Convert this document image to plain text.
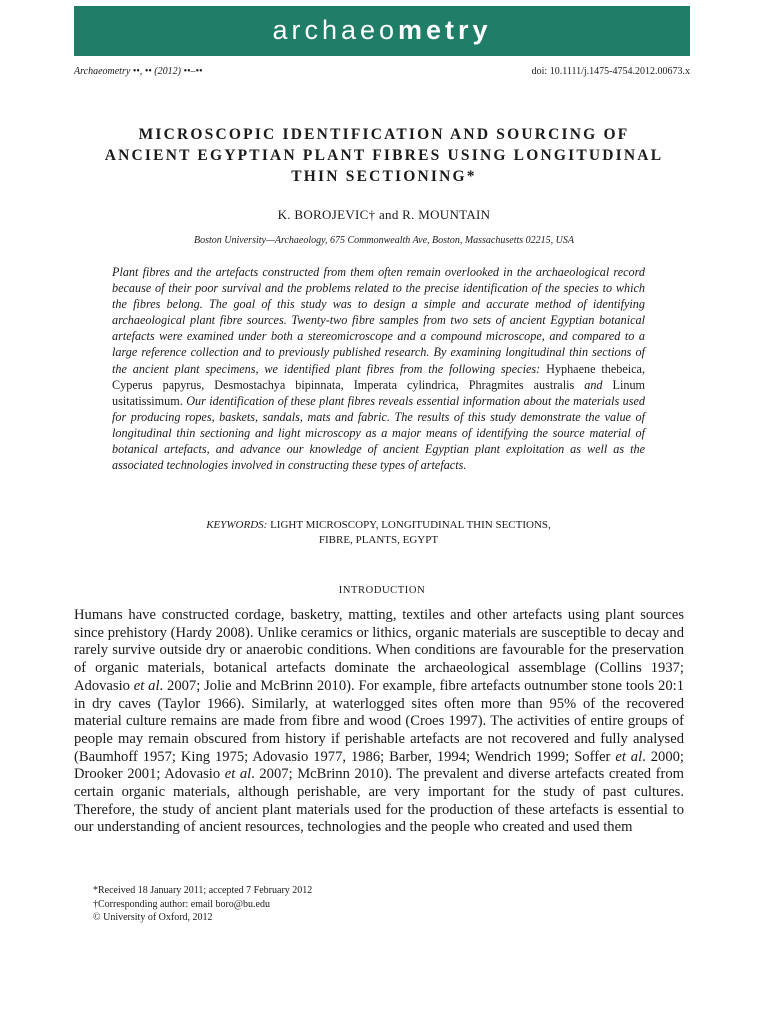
archaeometry
Archaeometry ••, •• (2012) ••–••	doi: 10.1111/j.1475-4754.2012.00673.x
MICROSCOPIC IDENTIFICATION AND SOURCING OF
ANCIENT EGYPTIAN PLANT FIBRES USING LONGITUDINAL
THIN SECTIONING*
K. BOROJEVIC† and R. MOUNTAIN
Boston University—Archaeology, 675 Commonwealth Ave, Boston, Massachusetts 02215, USA

Plant fibres and the artefacts constructed from them often remain overlooked in the archaeological record because of their poor survival and the problems related to the precise identification of the species to which the fibres belong. The goal of this study was to design a simple and accurate method of identifying archaeological plant fibre sources. Twenty-two fibre samples from two sets of ancient Egyptian botanical artefacts were examined under both a stereomicroscope and a compound microscope, and compared to a large reference collection and to previously published research. By examining longitudinal thin sections of the ancient plant specimens, we identified plant fibres from the following species: Hyphaene thebeica, Cyperus papyrus, Desmostachya bipinnata, Imperata cylindrica, Phragmites australis and Linum usitatissimum. Our identification of these plant fibres reveals essential information about the materials used for producing ropes, baskets, sandals, mats and fabric. The results of this study demonstrate the value of longitudinal thin sectioning and light microscopy as a major means of identifying the source material of botanical artefacts, and advance our knowledge of ancient Egyptian plant exploitation as well as the associated technologies involved in constructing these types of artefacts.

KEYWORDS: LIGHT MICROSCOPY, LONGITUDINAL THIN SECTIONS,
FIBRE, PLANTS, EGYPT
INTRODUCTION

Humans have constructed cordage, basketry, matting, textiles and other artefacts using plant sources since prehistory (Hardy 2008). Unlike ceramics or lithics, organic materials are susceptible to decay and rarely survive outside dry or anaerobic conditions. When conditions are favourable for the preservation of organic materials, botanical artefacts dominate the archaeological assemblage (Collins 1937; Adovasio et al. 2007; Jolie and McBrinn 2010). For example, fibre artefacts outnumber stone tools 20:1 in dry caves (Taylor 1966). Similarly, at waterlogged sites often more than 95% of the recovered material culture remains are made from fibre and wood (Croes 1997). The activities of entire groups of people may remain obscured from history if perishable artefacts are not recovered and fully analysed (Baumhoff 1957; King 1975; Adovasio 1977, 1986; Barber, 1994; Wendrich 1999; Soffer et al. 2000; Drooker 2001; Adovasio et al. 2007; McBrinn 2010). The prevalent and diverse artefacts created from certain organic materials, although perishable, are very important for the study of past cultures. Therefore, the study of ancient plant materials used for the production of these artefacts is essential to our understanding of ancient resources, technologies and the people who created and used them

*Received 18 January 2011; accepted 7 February 2012
†Corresponding author: email boro@bu.edu
© University of Oxford, 2012
